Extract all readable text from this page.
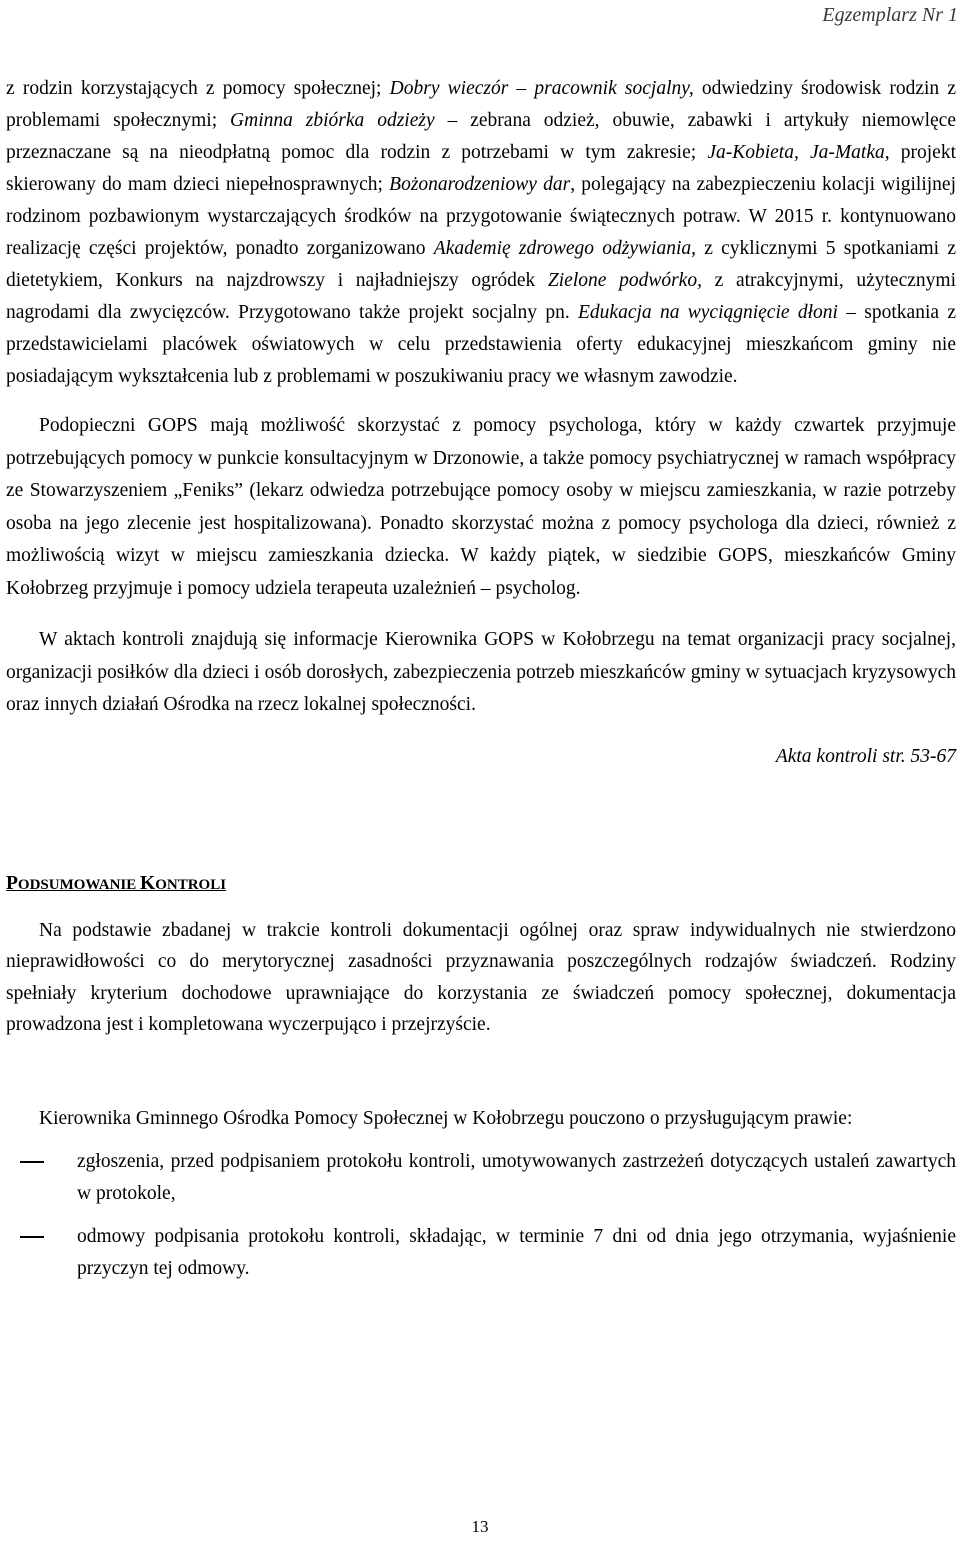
Egzemplarz Nr 1

z rodzin korzystających z pomocy społecznej; Dobry wieczór – pracownik socjalny, odwiedziny środowisk rodzin z problemami społecznymi; Gminna zbiórka odzieży – zebrana odzież, obuwie, zabawki i artykuły niemowlęce przeznaczane są na nieodpłatną pomoc dla rodzin z potrzebami w tym zakresie; Ja-Kobieta, Ja-Matka, projekt skierowany do mam dzieci niepełnosprawnych; Bożonarodzeniowy dar, polegający na zabezpieczeniu kolacji wigilijnej rodzinom pozbawionym wystarczających środków na przygotowanie świątecznych potraw. W 2015 r. kontynuowano realizację części projektów, ponadto zorganizowano Akademię zdrowego odżywiania, z cyklicznymi 5 spotkaniami z dietetykiem, Konkurs na najzdrowszy i najładniejszy ogródek Zielone podwórko, z atrakcyjnymi, użytecznymi nagrodami dla zwycięzców. Przygotowano także projekt socjalny pn. Edukacja na wyciągnięcie dłoni – spotkania z przedstawicielami placówek oświatowych w celu przedstawienia oferty edukacyjnej mieszkańcom gminy nie posiadającym wykształcenia lub z problemami w poszukiwaniu pracy we własnym zawodzie.

Podopieczni GOPS mają możliwość skorzystać z pomocy psychologa, który w każdy czwartek przyjmuje potrzebujących pomocy w punkcie konsultacyjnym w Drzonowie, a także pomocy psychiatrycznej w ramach współpracy ze Stowarzyszeniem „Feniks” (lekarz odwiedza potrzebujące pomocy osoby w miejscu zamieszkania, w razie potrzeby osoba na jego zlecenie jest hospitalizowana). Ponadto skorzystać można z pomocy psychologa dla dzieci, również z możliwością wizyt w miejscu zamieszkania dziecka. W każdy piątek, w siedzibie GOPS, mieszkańców Gminy Kołobrzeg przyjmuje i pomocy udziela terapeuta uzależnień – psycholog.

W aktach kontroli znajdują się informacje Kierownika GOPS w Kołobrzegu na temat organizacji pracy socjalnej, organizacji posiłków dla dzieci i osób dorosłych, zabezpieczenia potrzeb mieszkańców gminy w sytuacjach kryzysowych oraz innych działań Ośrodka na rzecz lokalnej społeczności.

Akta kontroli str. 53-67

PODSUMOWANIE KONTROLI

Na podstawie zbadanej w trakcie kontroli dokumentacji ogólnej oraz spraw indywidualnych nie stwierdzono nieprawidłowości co do merytorycznej zasadności przyznawania poszczególnych rodzajów świadczeń. Rodziny spełniały kryterium dochodowe uprawniające do korzystania ze świadczeń pomocy społecznej, dokumentacja prowadzona jest i kompletowana wyczerpująco i przejrzyście.

Kierownika Gminnego Ośrodka Pomocy Społecznej w Kołobrzegu pouczono o przysługującym prawie:

zgłoszenia, przed podpisaniem protokołu kontroli, umotywowanych zastrzeżeń dotyczących ustaleń zawartych w protokole,
odmowy podpisania protokołu kontroli, składając, w terminie 7 dni od dnia jego otrzymania, wyjaśnienie przyczyn tej odmowy.
13
